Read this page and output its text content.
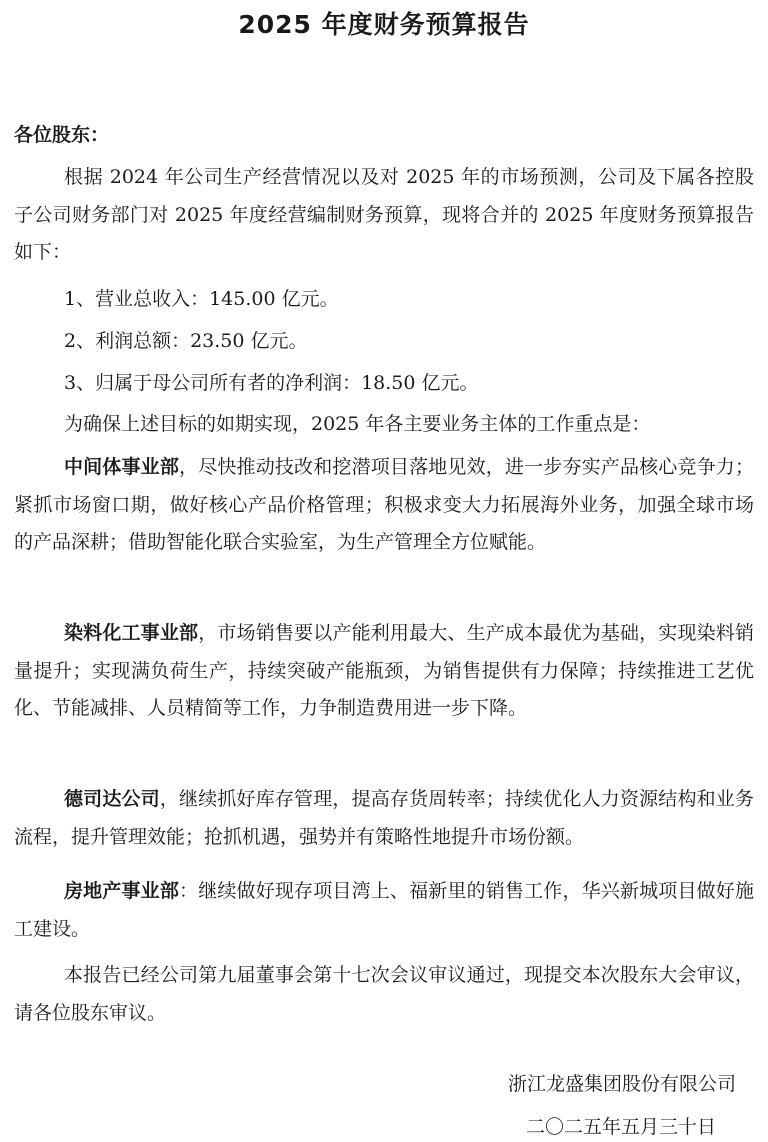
2025 年度财务预算报告
各位股东：
根据 2024 年公司生产经营情况以及对 2025 年的市场预测，公司及下属各控股子公司财务部门对 2025 年度经营编制财务预算，现将合并的 2025 年度财务预算报告如下：
1、营业总收入：145.00 亿元。
2、利润总额：23.50 亿元。
3、归属于母公司所有者的净利润：18.50 亿元。
为确保上述目标的如期实现，2025 年各主要业务主体的工作重点是：
中间体事业部，尽快推动技改和挖潜项目落地见效，进一步夯实产品核心竞争力；紧抓市场窗口期，做好核心产品价格管理；积极求变大力拓展海外业务，加强全球市场的产品深耕；借助智能化联合实验室，为生产管理全方位赋能。
染料化工事业部，市场销售要以产能利用最大、生产成本最优为基础，实现染料销量提升；实现满负荷生产，持续突破产能瓶颈，为销售提供有力保障；持续推进工艺优化、节能减排、人员精简等工作，力争制造费用进一步下降。
德司达公司，继续抓好库存管理，提高存货周转率；持续优化人力资源结构和业务流程，提升管理效能；抢抓机遇，强势并有策略性地提升市场份额。
房地产事业部：继续做好现存项目湾上、福新里的销售工作，华兴新城项目做好施工建设。
本报告已经公司第九届董事会第十七次会议审议通过，现提交本次股东大会审议，请各位股东审议。
浙江龙盛集团股份有限公司
二〇二五年五月三十日
